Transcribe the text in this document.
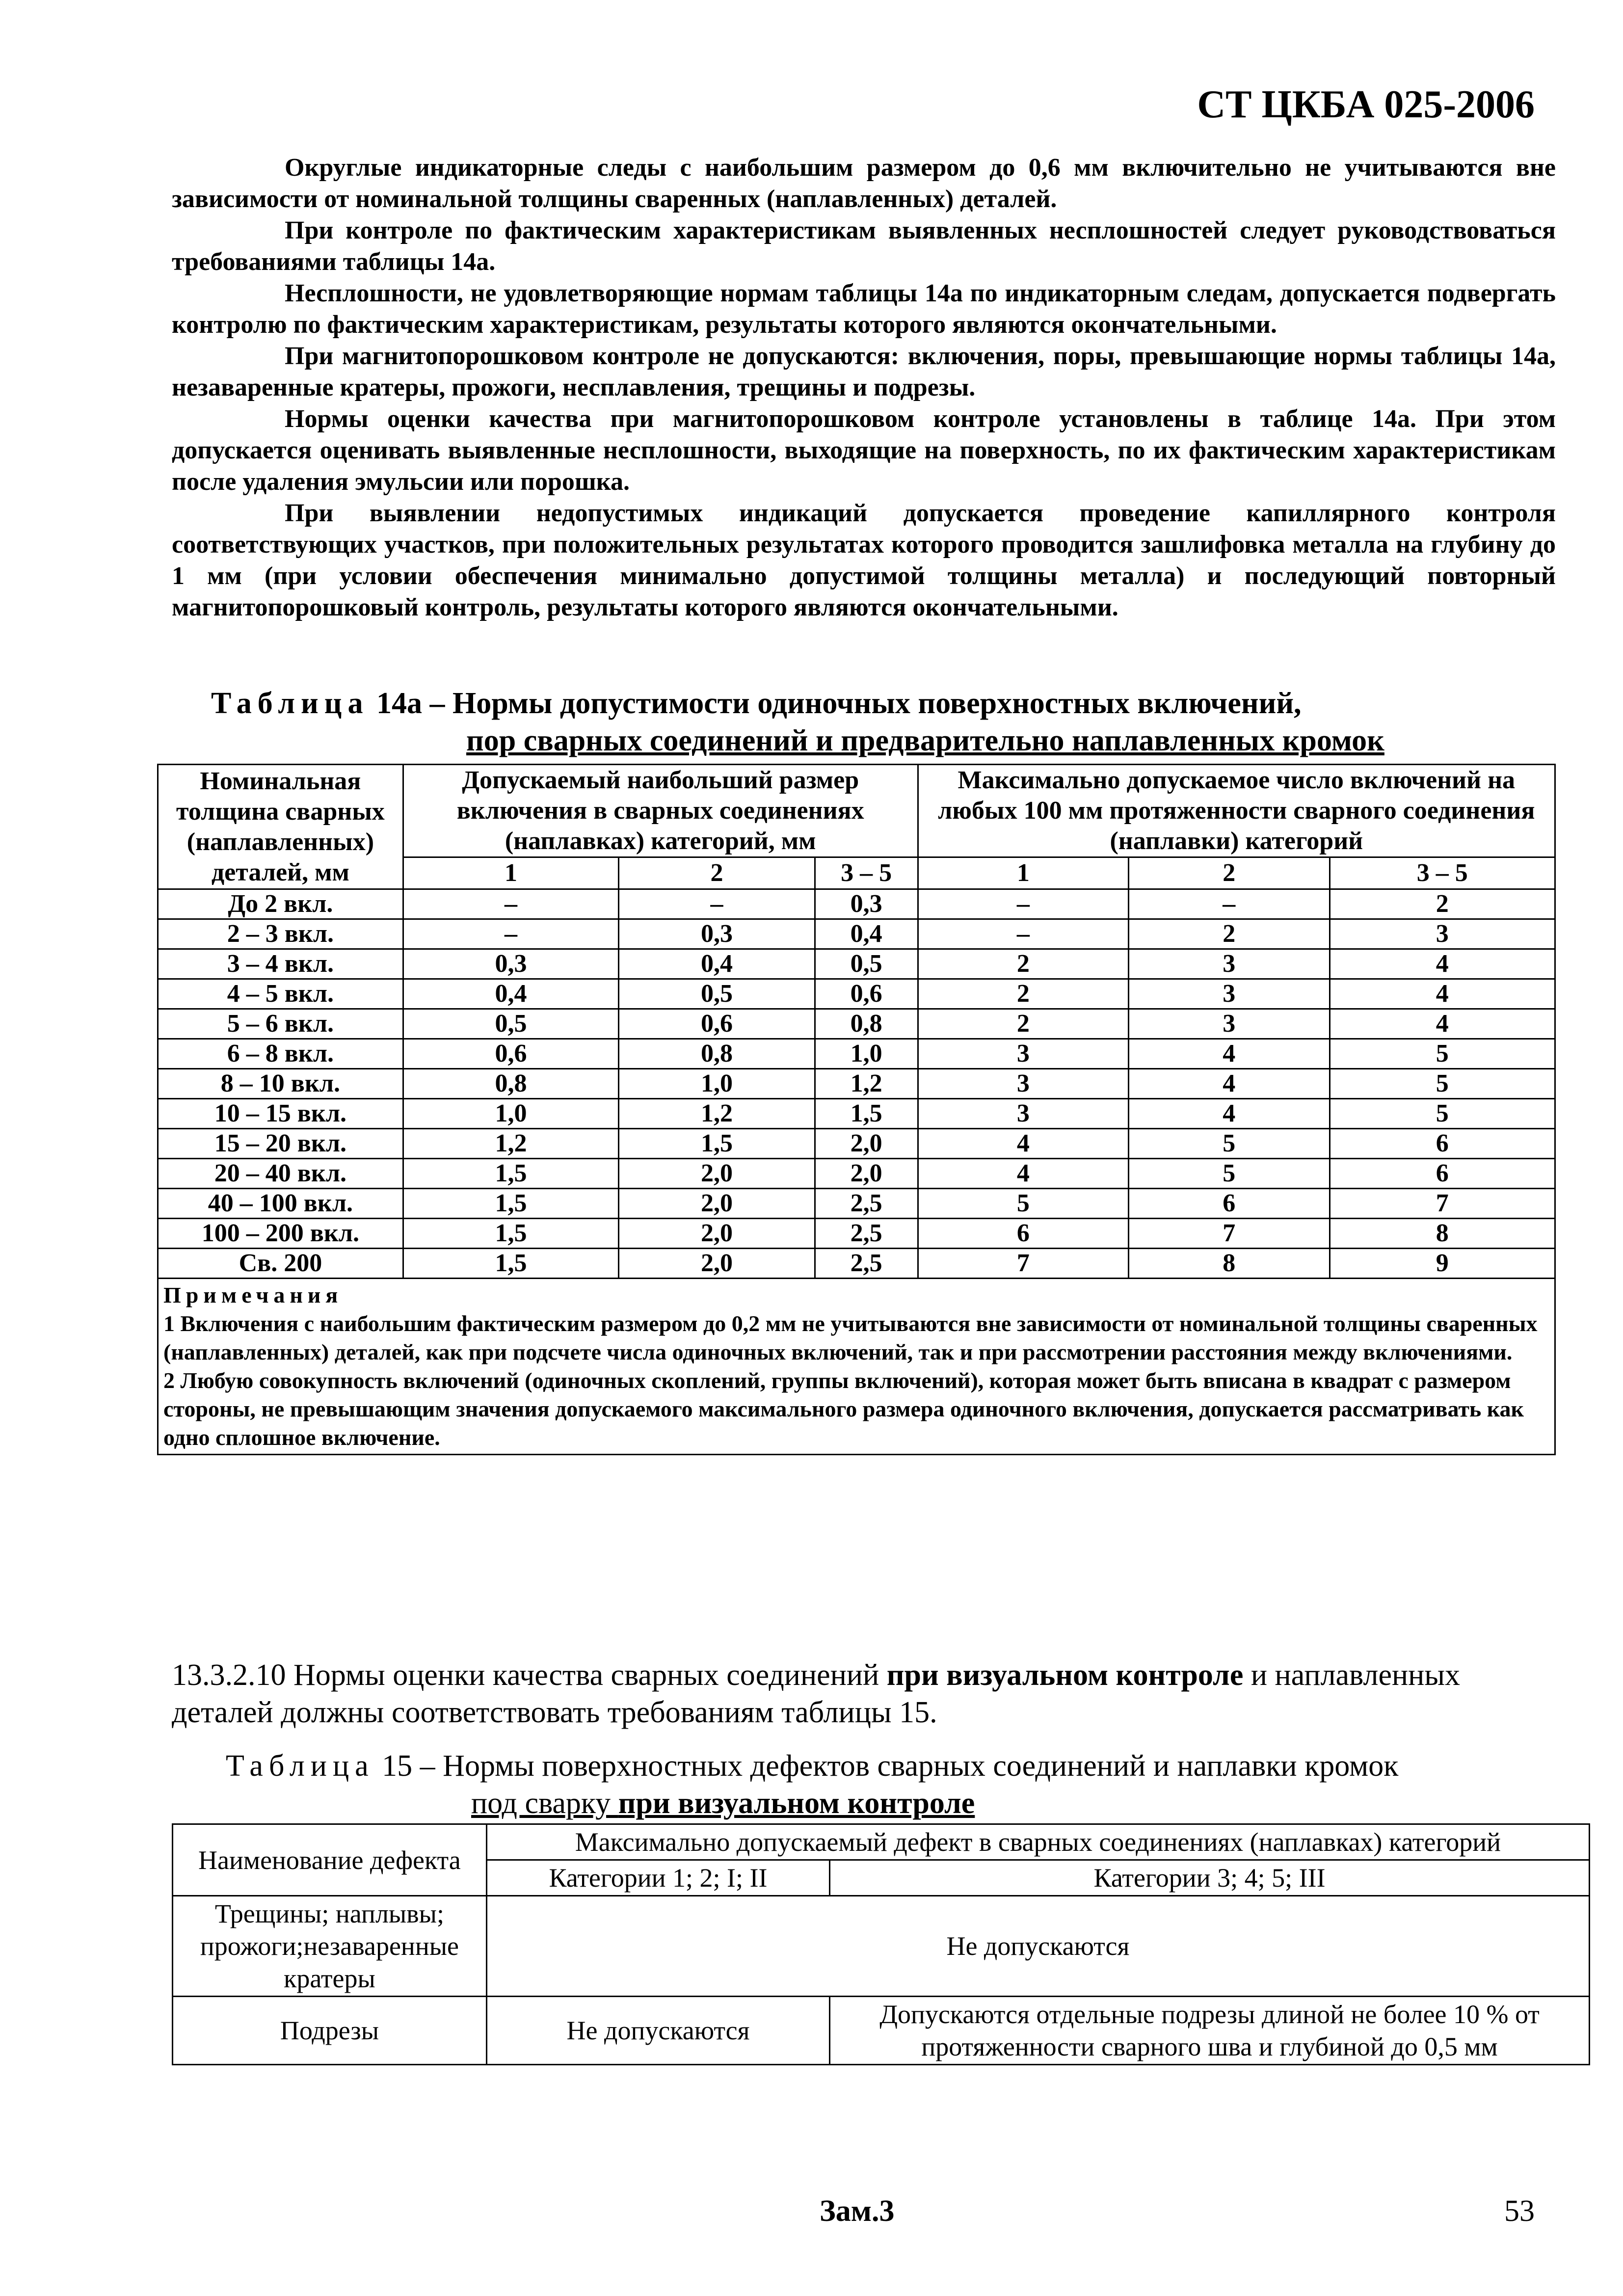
СТ ЦКБА 025-2006

Округлые индикаторные следы с наибольшим размером до 0,6 мм включительно не учитываются вне зависимости от номинальной толщины сваренных (наплавленных) деталей.

При контроле по фактическим характеристикам выявленных несплошностей следует руководствоваться требованиями таблицы 14а.

Несплошности, не удовлетворяющие нормам таблицы 14а по индикаторным следам, допускается подвергать контролю по фактическим характеристикам, результаты которого являются окончательными.

При магнитопорошковом контроле не допускаются: включения, поры, превышающие нормы таблицы 14а, незаваренные кратеры, прожоги, несплавления, трещины и подрезы.

Нормы оценки качества при магнитопорошковом контроле установлены в таблице 14а. При этом допускается оценивать выявленные несплошности, выходящие на поверхность, по их фактическим характеристикам после удаления эмульсии или порошка.

При выявлении недопустимых индикаций допускается проведение капиллярного контроля соответствующих участков, при положительных результатах которого проводится зашлифовка металла на глубину до 1 мм (при условии обеспечения минимально допустимой толщины металла) и последующий повторный магнитопорошковый контроль, результаты которого являются окончательными.

Таблица 14а – Нормы допустимости одиночных поверхностных включений,
пор сварных соединений и предварительно наплавленных кромок
Номинальная толщина сварных (наплавленных) деталей, мм	Допускаемый наибольший размер включения в сварных соединениях (наплавках) категорий, мм			Максимально допускаемое число включений на любых 100 мм протяженности сварного соединения (наплавки) категорий		
	1	2	3 – 5	1	2	3 – 5
До 2 вкл.	–	–	0,3	–	–	2
2 – 3 вкл.	–	0,3	0,4	–	2	3
3 – 4 вкл.	0,3	0,4	0,5	2	3	4
4 – 5 вкл.	0,4	0,5	0,6	2	3	4
5 – 6 вкл.	0,5	0,6	0,8	2	3	4
6 – 8 вкл.	0,6	0,8	1,0	3	4	5
8 – 10 вкл.	0,8	1,0	1,2	3	4	5
10 – 15 вкл.	1,0	1,2	1,5	3	4	5
15 – 20 вкл.	1,2	1,5	2,0	4	5	6
20 – 40 вкл.	1,5	2,0	2,0	4	5	6
40 – 100 вкл.	1,5	2,0	2,5	5	6	7
100 – 200 вкл.	1,5	2,0	2,5	6	7	8
Св. 200	1,5	2,0	2,5	7	8	9

Примечания
1 Включения с наибольшим фактическим размером до 0,2 мм не учитываются вне зависимости от номинальной толщины сваренных (наплавленных) деталей, как при подсчете числа одиночных включений, так и при рассмотрении расстояния между включениями.
2 Любую совокупность включений (одиночных скоплений, группы включений), которая может быть вписана в квадрат с размером стороны, не превышающим значения допускаемого максимального размера одиночного включения, допускается рассматривать как одно сплошное включение.						

13.3.2.10 Нормы оценки качества сварных соединений при визуальном контроле и наплавленных деталей должны соответствовать требованиям таблицы 15.

Таблица 15 – Нормы поверхностных дефектов сварных соединений и наплавки кромок
под сварку при визуальном контроле
Наименование дефекта	Максимально допускаемый дефект в сварных соединениях (наплавках) категорий	
	Категории 1; 2; I; II	Категории 3; 4; 5; III
Трещины; наплывы; прожоги;незаваренные кратеры	Не допускаются	
Подрезы	Не допускаются	Допускаются отдельные подрезы длиной не более 10 % от протяженности сварного шва и глубиной до 0,5 мм
Зам.3	53
